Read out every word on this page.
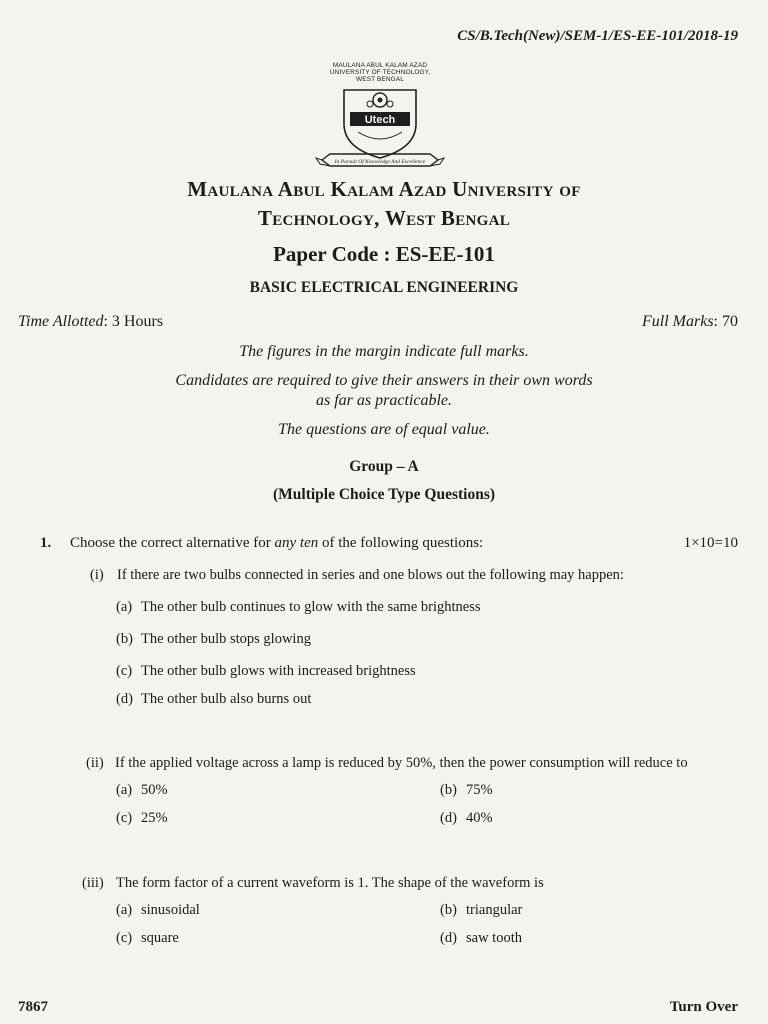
CS/B.Tech(New)/SEM-1/ES-EE-101/2018-19
MAULANA ABUL KALAM AZAD
UNIVERSITY OF TECHNOLOGY,
WEST BENGAL
Utech
In Pursuit Of Knowledge And Excellence
Maulana Abul Kalam Azad University of
Technology, West Bengal
Paper Code : ES-EE-101
BASIC ELECTRICAL ENGINEERING
Time Allotted: 3 Hours	Full Marks: 70
The figures in the margin indicate full marks.
Candidates are required to give their answers in their own words
as far as practicable.
The questions are of equal value.
Group – A
(Multiple Choice Type Questions)
1. Choose the correct alternative for any ten of the following questions:	1×10=10
(i) If there are two bulbs connected in series and one blows out the following may happen:
(a) The other bulb continues to glow with the same brightness
(b) The other bulb stops glowing
(c) The other bulb glows with increased brightness
(d) The other bulb also burns out
(ii) If the applied voltage across a lamp is reduced by 50%, then the power consumption will reduce to
(a) 50%	(b) 75%
(c) 25%	(d) 40%
(iii) The form factor of a current waveform is 1. The shape of the waveform is
(a) sinusoidal	(b) triangular
(c) square	(d) saw tooth
7867	Turn Over
